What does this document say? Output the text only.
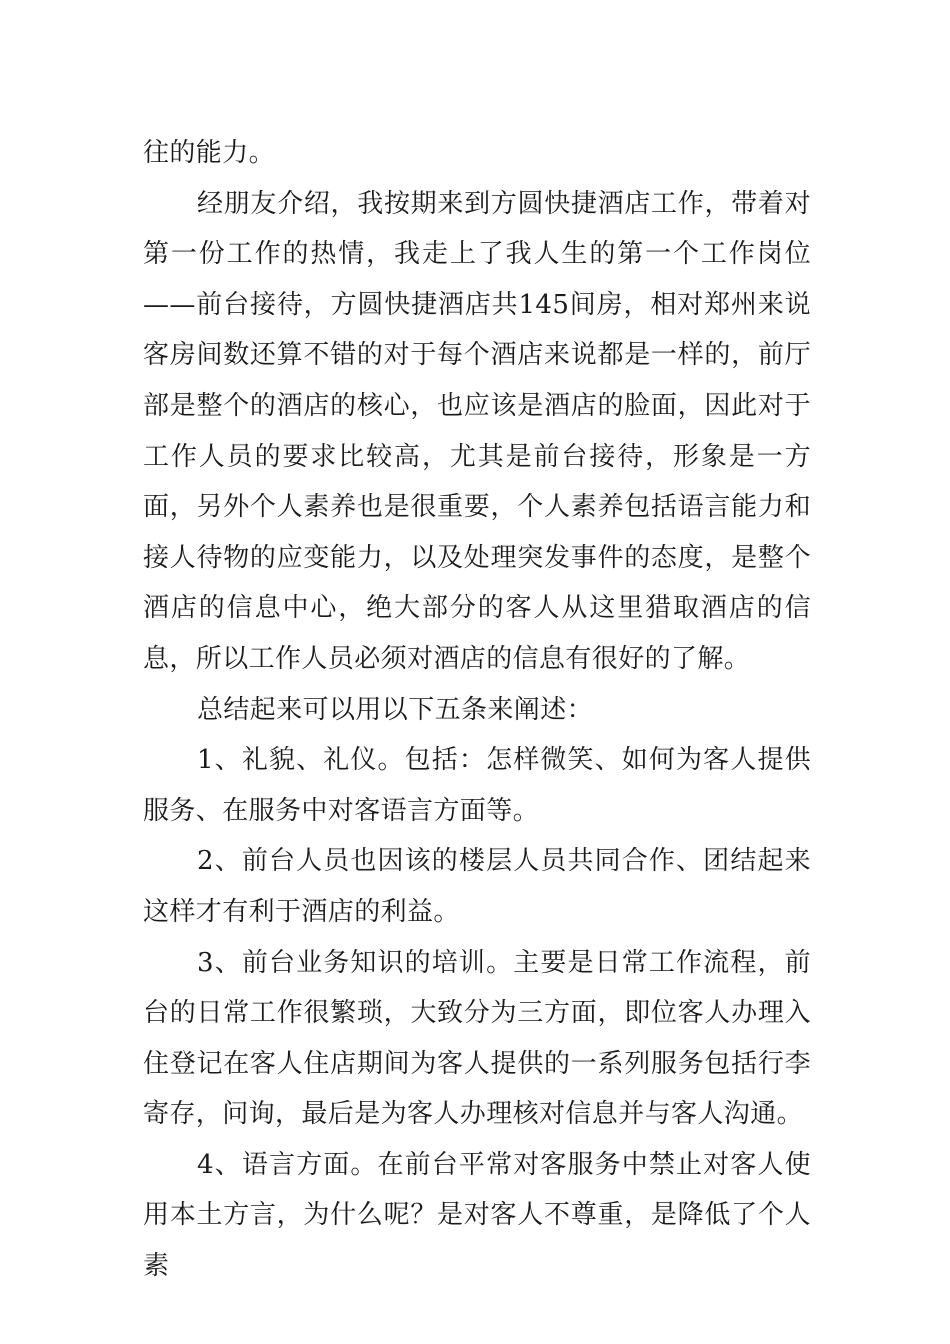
往的能力。

经朋友介绍，我按期来到方圆快捷酒店工作，带着对第一份工作的热情，我走上了我人生的第一个工作岗位——前台接待，方圆快捷酒店共145间房，相对郑州来说客房间数还算不错的对于每个酒店来说都是一样的，前厅部是整个的酒店的核心，也应该是酒店的脸面，因此对于工作人员的要求比较高，尤其是前台接待，形象是一方面，另外个人素养也是很重要，个人素养包括语言能力和接人待物的应变能力，以及处理突发事件的态度，是整个酒店的信息中心，绝大部分的客人从这里猎取酒店的信息，所以工作人员必须对酒店的信息有很好的了解。

总结起来可以用以下五条来阐述：

1、礼貌、礼仪。包括：怎样微笑、如何为客人提供服务、在服务中对客语言方面等。

2、前台人员也因该的楼层人员共同合作、团结起来这样才有利于酒店的利益。

3、前台业务知识的培训。主要是日常工作流程，前台的日常工作很繁琐，大致分为三方面，即位客人办理入住登记在客人住店期间为客人提供的一系列服务包括行李寄存，问询，最后是为客人办理核对信息并与客人沟通。

4、语言方面。在前台平常对客服务中禁止对客人使用本土方言，为什么呢？是对客人不尊重，是降低了个人素
